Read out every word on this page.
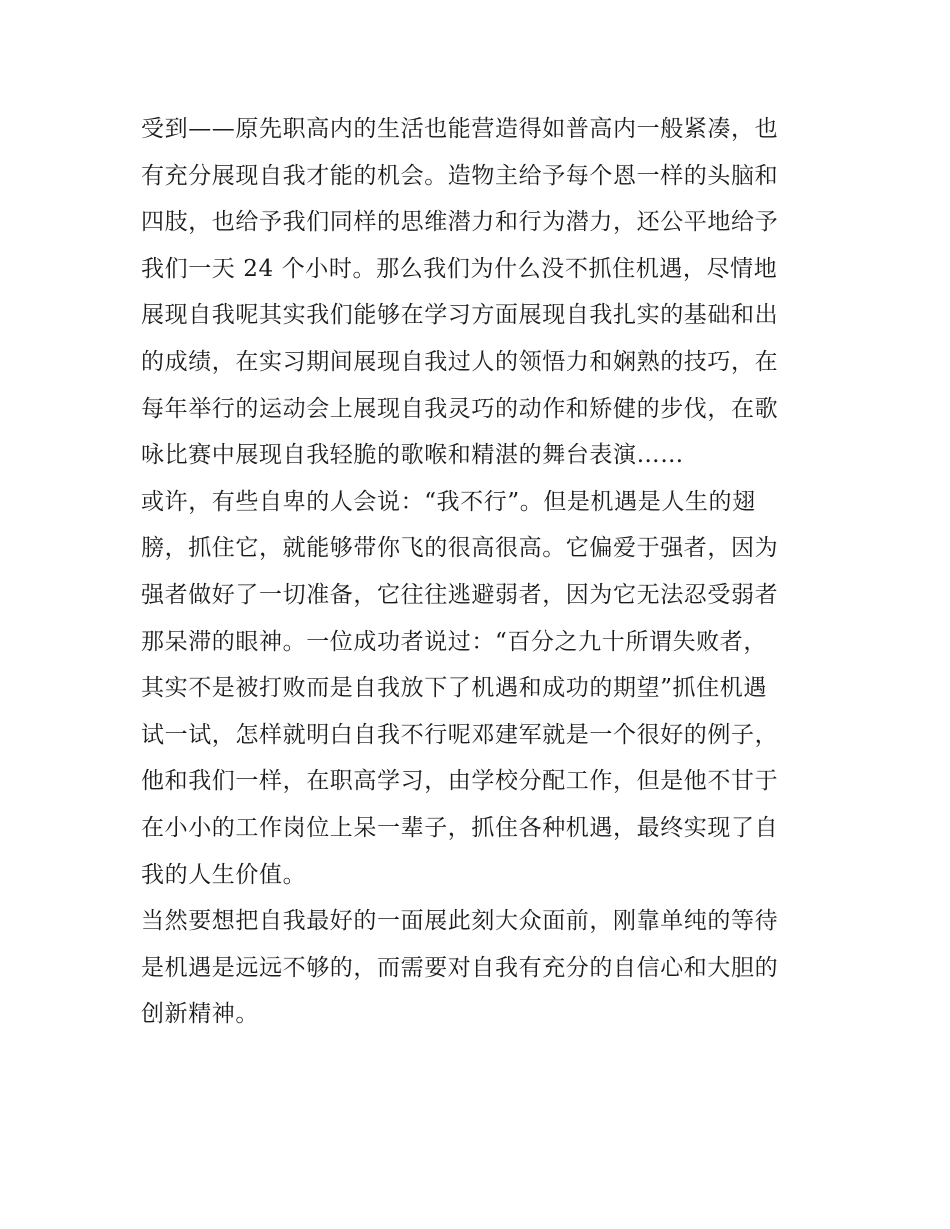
受到——原先职高内的生活也能营造得如普高内一般紧凑，也
有充分展现自我才能的机会。造物主给予每个恩一样的头脑和
四肢，也给予我们同样的思维潜力和行为潜力，还公平地给予
我们一天 24 个小时。那么我们为什么没不抓住机遇，尽情地
展现自我呢其实我们能够在学习方面展现自我扎实的基础和出
的成绩，在实习期间展现自我过人的领悟力和娴熟的技巧，在
每年举行的运动会上展现自我灵巧的动作和矫健的步伐，在歌
咏比赛中展现自我轻脆的歌喉和精湛的舞台表演……
或许，有些自卑的人会说：“我不行”。但是机遇是人生的翅
膀，抓住它，就能够带你飞的很高很高。它偏爱于强者，因为
强者做好了一切准备，它往往逃避弱者，因为它无法忍受弱者
那呆滞的眼神。一位成功者说过：“百分之九十所谓失败者，
其实不是被打败而是自我放下了机遇和成功的期望”抓住机遇
试一试，怎样就明白自我不行呢邓建军就是一个很好的例子，
他和我们一样，在职高学习，由学校分配工作，但是他不甘于
在小小的工作岗位上呆一辈子，抓住各种机遇，最终实现了自
我的人生价值。
当然要想把自我最好的一面展此刻大众面前，刚靠单纯的等待
是机遇是远远不够的，而需要对自我有充分的自信心和大胆的
创新精神。
